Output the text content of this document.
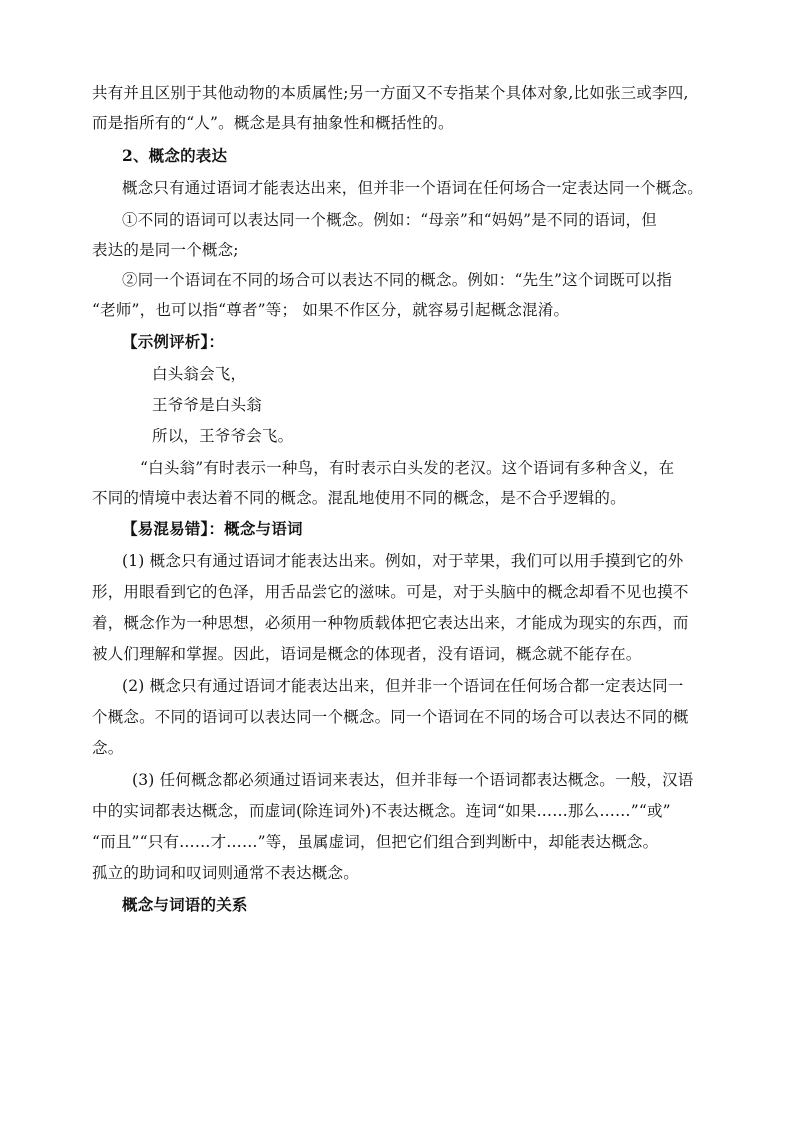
共有并且区别于其他动物的本质属性;另一方面又不专指某个具体对象,比如张三或李四,
而是指所有的“人”。概念是具有抽象性和概括性的。
2、概念的表达
概念只有通过语词才能表达出来，但并非一个语词在任何场合一定表达同一个概念。
①不同的语词可以表达同一个概念。例如：“母亲”和“妈妈”是不同的语词，但
表达的是同一个概念;
②同一个语词在不同的场合可以表达不同的概念。例如：“先生”这个词既可以指
“老师”，也可以指“尊者”等； 如果不作区分，就容易引起概念混淆。
【示例评析】：
白头翁会飞，
王爷爷是白头翁
所以，王爷爷会飞。
“白头翁”有时表示一种鸟，有时表示白头发的老汉。这个语词有多种含义，在
不同的情境中表达着不同的概念。混乱地使用不同的概念，是不合乎逻辑的。
【易混易错】：概念与语词
(1) 概念只有通过语词才能表达出来。例如，对于苹果，我们可以用手摸到它的外
形，用眼看到它的色泽，用舌品尝它的滋味。可是，对于头脑中的概念却看不见也摸不
着，概念作为一种思想，必须用一种物质载体把它表达出来，才能成为现实的东西，而
被人们理解和掌握。因此，语词是概念的体现者，没有语词，概念就不能存在。
(2) 概念只有通过语词才能表达出来，但并非一个语词在任何场合都一定表达同一
个概念。不同的语词可以表达同一个概念。同一个语词在不同的场合可以表达不同的概
念。
(3) 任何概念都必须通过语词来表达，但并非每一个语词都表达概念。一般，汉语
中的实词都表达概念，而虚词(除连词外)不表达概念。连词“如果……那么……”“或”
“而且”“只有……才……”等，虽属虚词，但把它们组合到判断中，却能表达概念。
孤立的助词和叹词则通常不表达概念。
概念与词语的关系
